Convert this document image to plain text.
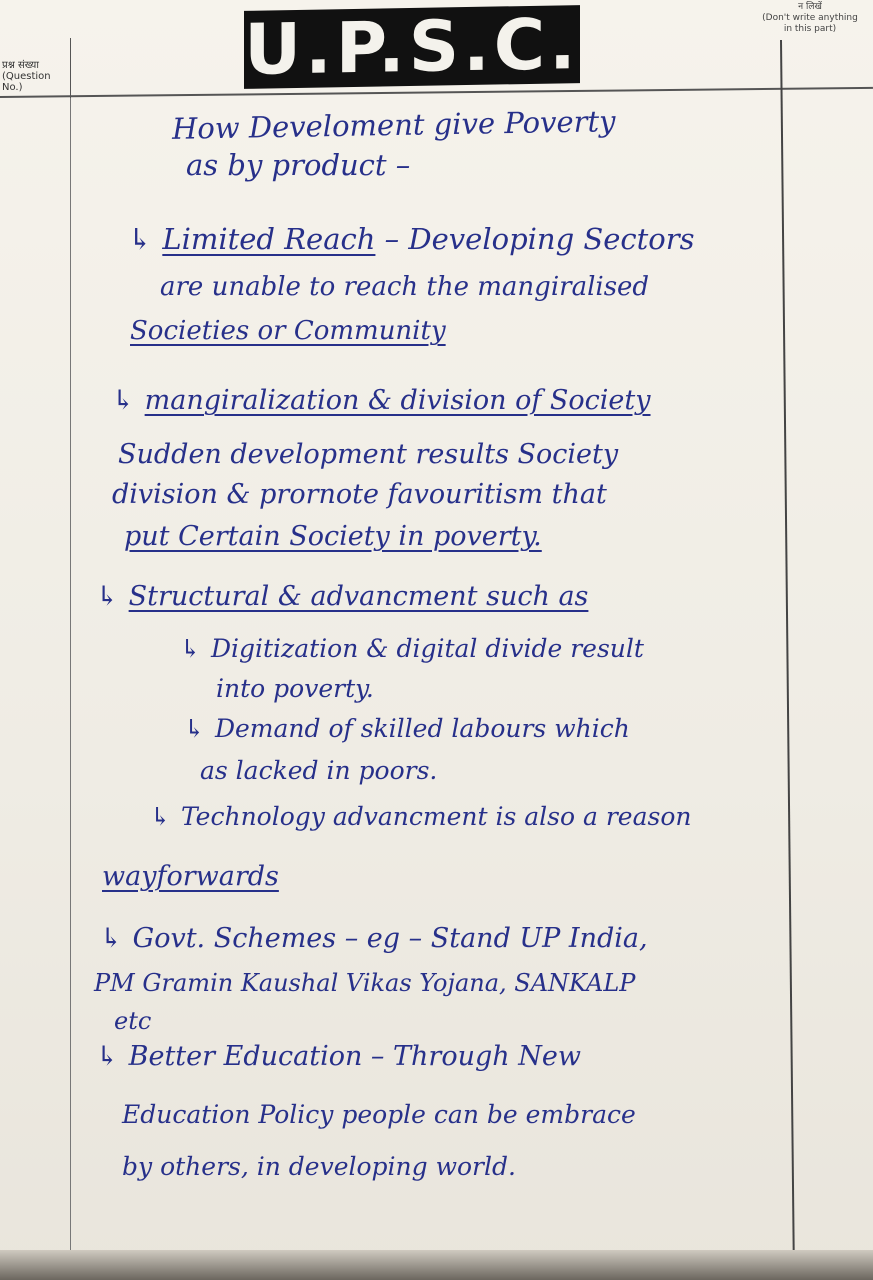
प्रश्न संख्या
(Question No.)	U.P.S.C.	न लिखें
(Don't write anything in this part)
How Develoment give Poverty
as by product –
↳ Limited Reach – Developing Sectors
are unable to reach the mangiralised
Societies or Community
↳ mangiralization & division of Society
Sudden development results Society
division & prornote favouritism that
put Certain Society in poverty.
↳ Structural & advancment such as
↳ Digitization & digital divide result
into poverty.
↳ Demand of skilled labours which
as lacked in poors.
↳ Technology advancment is also a reason
wayforwards
↳ Govt. Schemes – eg – Stand UP India,
PM Gramin Kaushal Vikas Yojana, SANKALP
etc
↳ Better Education – Through New
Education Policy people can be embrace
by others, in developing world.
